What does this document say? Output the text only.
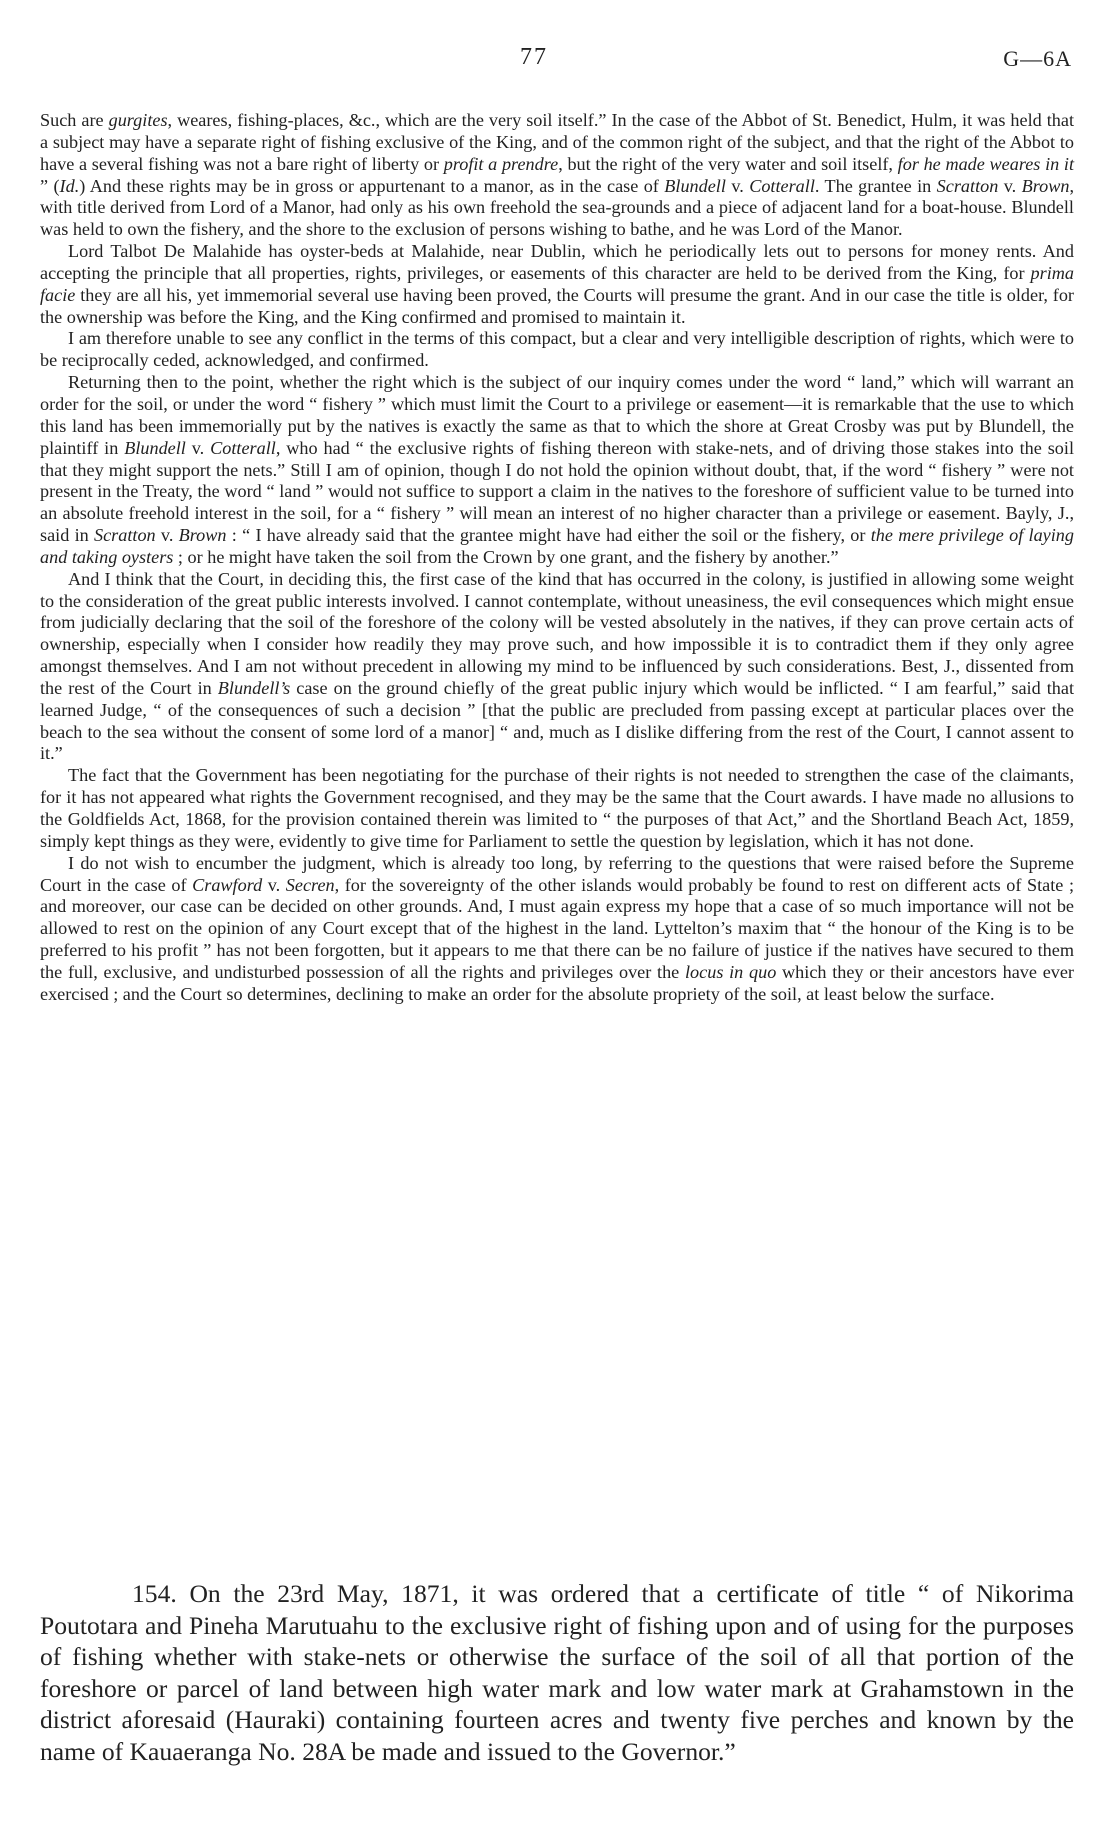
77	G—6A

Such are gurgites, weares, fishing-places, &c., which are the very soil itself.” In the case of the Abbot of St. Benedict, Hulm, it was held that a subject may have a separate right of fishing exclusive of the King, and of the common right of the subject, and that the right of the Abbot to have a several fishing was not a bare right of liberty or profit a prendre, but the right of the very water and soil itself, for he made weares in it ” (Id.) And these rights may be in gross or appurtenant to a manor, as in the case of Blundell v. Cotterall. The grantee in Scratton v. Brown, with title derived from Lord of a Manor, had only as his own freehold the sea-grounds and a piece of adjacent land for a boat-house. Blundell was held to own the fishery, and the shore to the exclusion of persons wishing to bathe, and he was Lord of the Manor.

Lord Talbot De Malahide has oyster-beds at Malahide, near Dublin, which he periodically lets out to persons for money rents. And accepting the principle that all properties, rights, privileges, or easements of this character are held to be derived from the King, for prima facie they are all his, yet immemorial several use having been proved, the Courts will presume the grant. And in our case the title is older, for the ownership was before the King, and the King confirmed and promised to maintain it.

I am therefore unable to see any conflict in the terms of this compact, but a clear and very intelligible description of rights, which were to be reciprocally ceded, acknowledged, and confirmed.

Returning then to the point, whether the right which is the subject of our inquiry comes under the word “ land,” which will warrant an order for the soil, or under the word “ fishery ” which must limit the Court to a privilege or easement—it is remarkable that the use to which this land has been immemorially put by the natives is exactly the same as that to which the shore at Great Crosby was put by Blundell, the plaintiff in Blundell v. Cotterall, who had “ the exclusive rights of fishing thereon with stake-nets, and of driving those stakes into the soil that they might support the nets.” Still I am of opinion, though I do not hold the opinion without doubt, that, if the word “ fishery ” were not present in the Treaty, the word “ land ” would not suffice to support a claim in the natives to the foreshore of sufficient value to be turned into an absolute freehold interest in the soil, for a “ fishery ” will mean an interest of no higher character than a privilege or easement. Bayly, J., said in Scratton v. Brown : “ I have already said that the grantee might have had either the soil or the fishery, or the mere privilege of laying and taking oysters ; or he might have taken the soil from the Crown by one grant, and the fishery by another.”

And I think that the Court, in deciding this, the first case of the kind that has occurred in the colony, is justified in allowing some weight to the consideration of the great public interests involved. I cannot contemplate, without uneasiness, the evil consequences which might ensue from judicially declaring that the soil of the foreshore of the colony will be vested absolutely in the natives, if they can prove certain acts of ownership, especially when I consider how readily they may prove such, and how impossible it is to contradict them if they only agree amongst themselves. And I am not without precedent in allowing my mind to be influenced by such considerations. Best, J., dissented from the rest of the Court in Blundell’s case on the ground chiefly of the great public injury which would be inflicted. “ I am fearful,” said that learned Judge, “ of the consequences of such a decision ” [that the public are precluded from passing except at particular places over the beach to the sea without the consent of some lord of a manor] “ and, much as I dislike differing from the rest of the Court, I cannot assent to it.”

The fact that the Government has been negotiating for the purchase of their rights is not needed to strengthen the case of the claimants, for it has not appeared what rights the Government recognised, and they may be the same that the Court awards. I have made no allusions to the Goldfields Act, 1868, for the provision contained therein was limited to “ the purposes of that Act,” and the Shortland Beach Act, 1859, simply kept things as they were, evidently to give time for Parliament to settle the question by legislation, which it has not done.

I do not wish to encumber the judgment, which is already too long, by referring to the questions that were raised before the Supreme Court in the case of Crawford v. Secren, for the sovereignty of the other islands would probably be found to rest on different acts of State ; and moreover, our case can be decided on other grounds. And, I must again express my hope that a case of so much importance will not be allowed to rest on the opinion of any Court except that of the highest in the land. Lyttelton’s maxim that “ the honour of the King is to be preferred to his profit ” has not been forgotten, but it appears to me that there can be no failure of justice if the natives have secured to them the full, exclusive, and undisturbed possession of all the rights and privileges over the locus in quo which they or their ancestors have ever exercised ; and the Court so determines, declining to make an order for the absolute propriety of the soil, at least below the surface.

154. On the 23rd May, 1871, it was ordered that a certificate of title “ of Nikorima Poutotara and Pineha Marutuahu to the exclusive right of fishing upon and of using for the purposes of fishing whether with stake-nets or otherwise the surface of the soil of all that portion of the foreshore or parcel of land between high water mark and low water mark at Grahamstown in the district aforesaid (Hauraki) containing fourteen acres and twenty five perches and known by the name of Kauaeranga No. 28A be made and issued to the Governor.”
